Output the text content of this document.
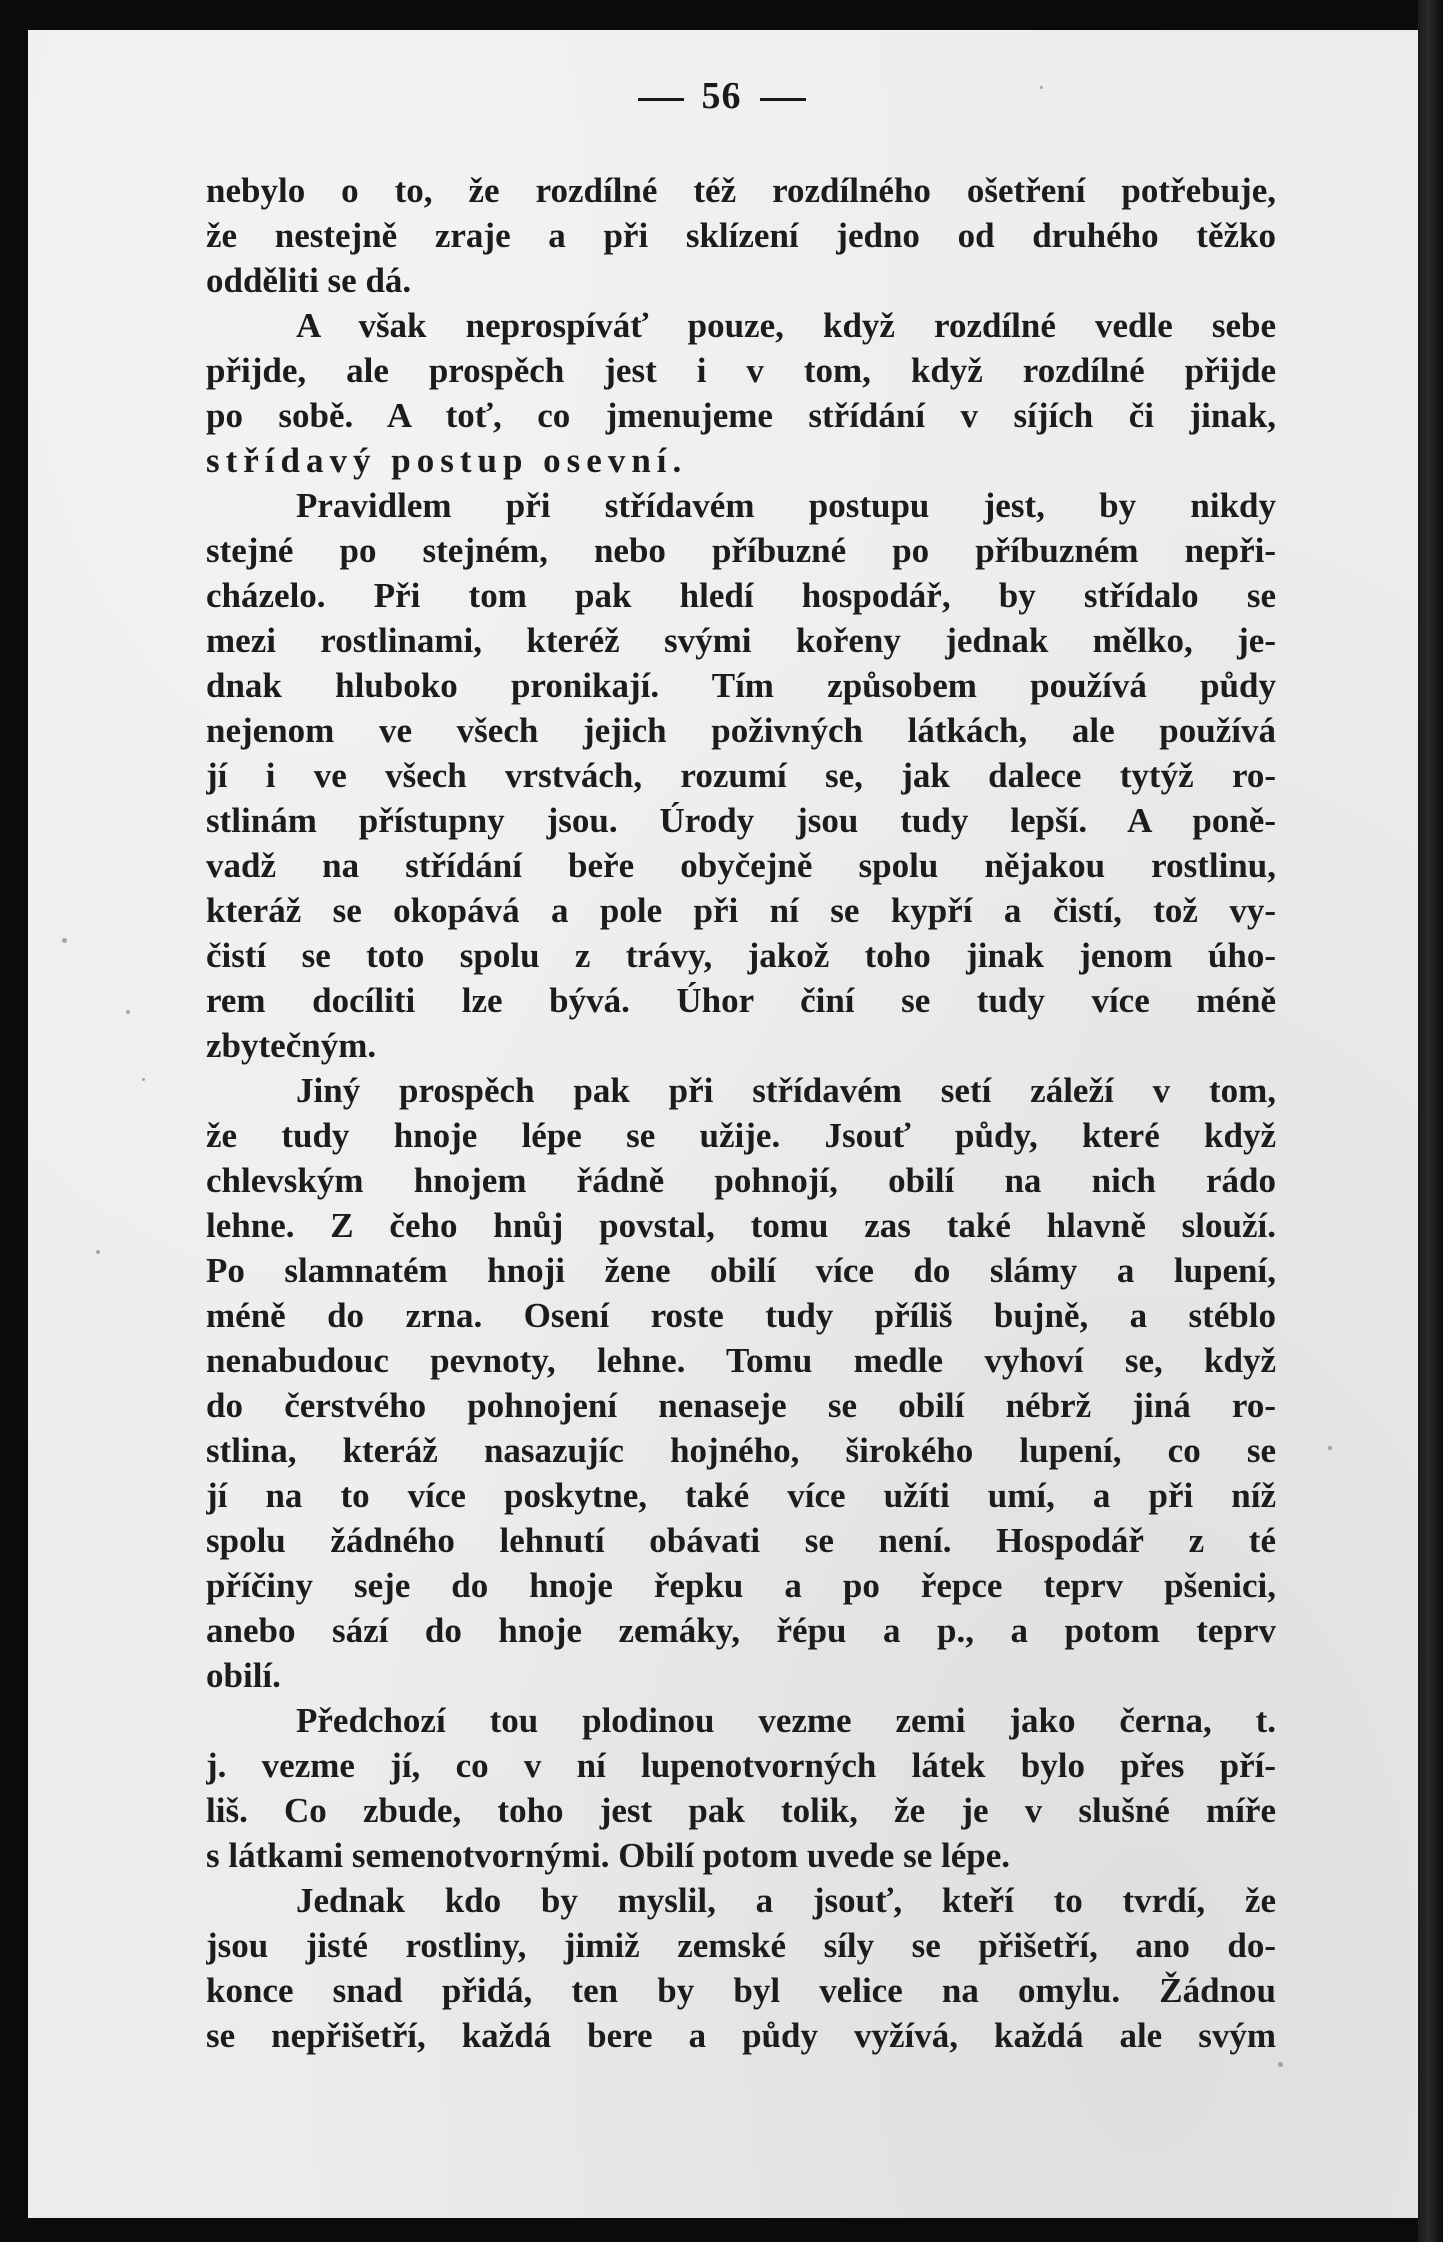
56
nebylo o to, že rozdílné též rozdílného ošetření potřebuje,
že nestejně zraje a při sklízení jedno od druhého těžko
odděliti se dá.
A však neprospíváť pouze, když rozdílné vedle sebe
přijde, ale prospěch jest i v tom, když rozdílné přijde
po sobě. A toť, co jmenujeme střídání v síjích či jinak,
střídavý postup osevní.
Pravidlem při střídavém postupu jest, by nikdy
stejné po stejném, nebo příbuzné po příbuzném nepři-
cházelo. Při tom pak hledí hospodář, by střídalo se
mezi rostlinami, kteréž svými kořeny jednak mělko, je-
dnak hluboko pronikají. Tím způsobem používá půdy
nejenom ve všech jejich poživných látkách, ale používá
jí i ve všech vrstvách, rozumí se, jak dalece tytýž ro-
stlinám přístupny jsou. Úrody jsou tudy lepší. A poně-
vadž na střídání beře obyčejně spolu nějakou rostlinu,
kteráž se okopává a pole při ní se kypří a čistí, tož vy-
čistí se toto spolu z trávy, jakož toho jinak jenom úho-
rem docíliti lze bývá. Úhor činí se tudy více méně
zbytečným.
Jiný prospěch pak při střídavém setí záleží v tom,
že tudy hnoje lépe se užije. Jsouť půdy, které když
chlevským hnojem řádně pohnojí, obilí na nich rádo
lehne. Z čeho hnůj povstal, tomu zas také hlavně slouží.
Po slamnatém hnoji žene obilí více do slámy a lupení,
méně do zrna. Osení roste tudy příliš bujně, a stéblo
nenabudouc pevnoty, lehne. Tomu medle vyhoví se, když
do čerstvého pohnojení nenaseje se obilí nébrž jiná ro-
stlina, kteráž nasazujíc hojného, širokého lupení, co se
jí na to více poskytne, také více užíti umí, a při níž
spolu žádného lehnutí obávati se není. Hospodář z té
příčiny seje do hnoje řepku a po řepce teprv pšenici,
anebo sází do hnoje zemáky, řépu a p., a potom teprv
obilí.
Předchozí tou plodinou vezme zemi jako černa, t.
j. vezme jí, co v ní lupenotvorných látek bylo přes pří-
liš. Co zbude, toho jest pak tolik, že je v slušné míře
s látkami semenotvornými. Obilí potom uvede se lépe.
Jednak kdo by myslil, a jsouť, kteří to tvrdí, že
jsou jisté rostliny, jimiž zemské síly se přišetří, ano do-
konce snad přidá, ten by byl velice na omylu. Žádnou
se nepřišetří, každá bere a půdy vyžívá, každá ale svým
